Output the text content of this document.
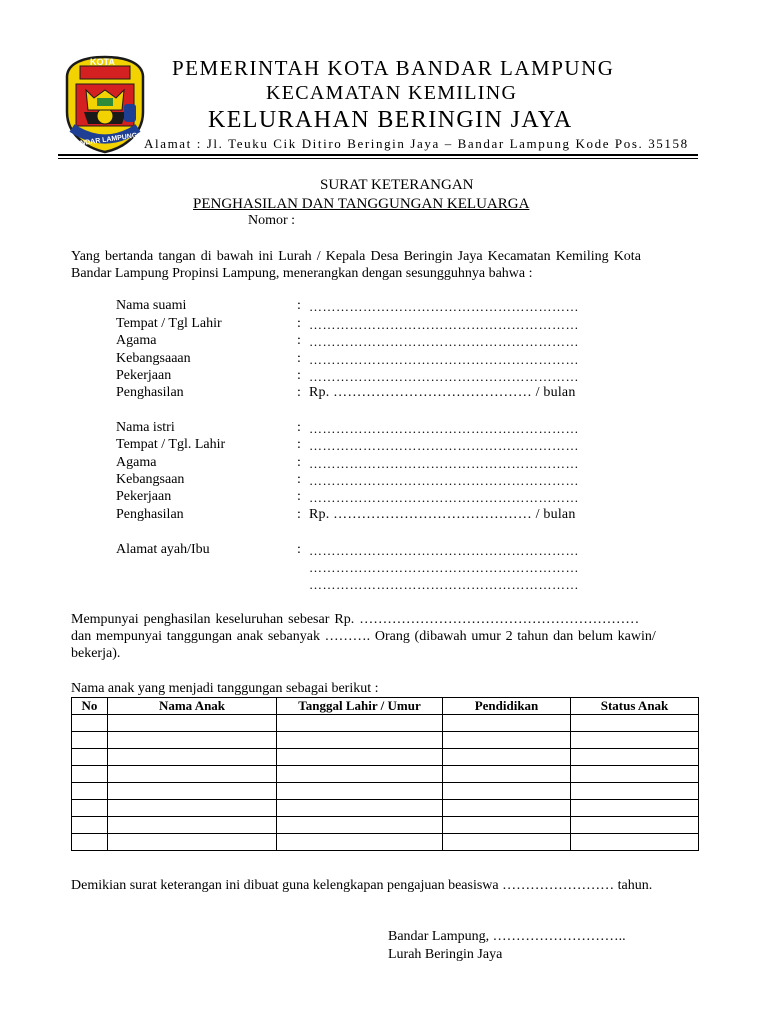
KOTA
BANDAR LAMPUNG
PEMERINTAH KOTA BANDAR LAMPUNG
KECAMATAN KEMILING
KELURAHAN BERINGIN JAYA
Alamat : Jl. Teuku Cik Ditiro Beringin Jaya – Bandar Lampung Kode Pos. 35158
SURAT KETERANGAN
PENGHASILAN DAN TANGGUNGAN KELUARGA
Nomor :
Yang bertanda tangan di bawah ini Lurah / Kepala Desa Beringin Jaya Kecamatan Kemiling Kota
Bandar Lampung Propinsi Lampung, menerangkan dengan sesungguhnya bahwa :
Nama suami	: ……………………………………………………
Tempat / Tgl Lahir	: ……………………………………………………
Agama	: ……………………………………………………
Kebangsaaan	: ……………………………………………………
Pekerjaan	: ……………………………………………………
Penghasilan	: Rp. …………………………………… / bulan
Nama istri	: ……………………………………………………
Tempat / Tgl. Lahir	: ……………………………………………………
Agama	: ……………………………………………………
Kebangsaan	: ……………………………………………………
Pekerjaan	: ……………………………………………………
Penghasilan	: Rp. …………………………………… / bulan
Alamat ayah/Ibu	: ……………………………………………………
……………………………………………………
……………………………………………………
Mempunyai penghasilan keseluruhan sebesar Rp. ……………………………………………………
dan mempunyai tanggungan anak sebanyak ………. Orang (dibawah umur 2 tahun dan belum kawin/
bekerja).
Nama anak yang menjadi tanggungan sebagai berikut :
No	Nama Anak	Tanggal Lahir / Umur	Pendidikan	Status Anak

Demikian surat keterangan ini dibuat guna kelengkapan pengajuan beasiswa …………………… tahun.
Bandar Lampung, ………………………..
Lurah Beringin Jaya
